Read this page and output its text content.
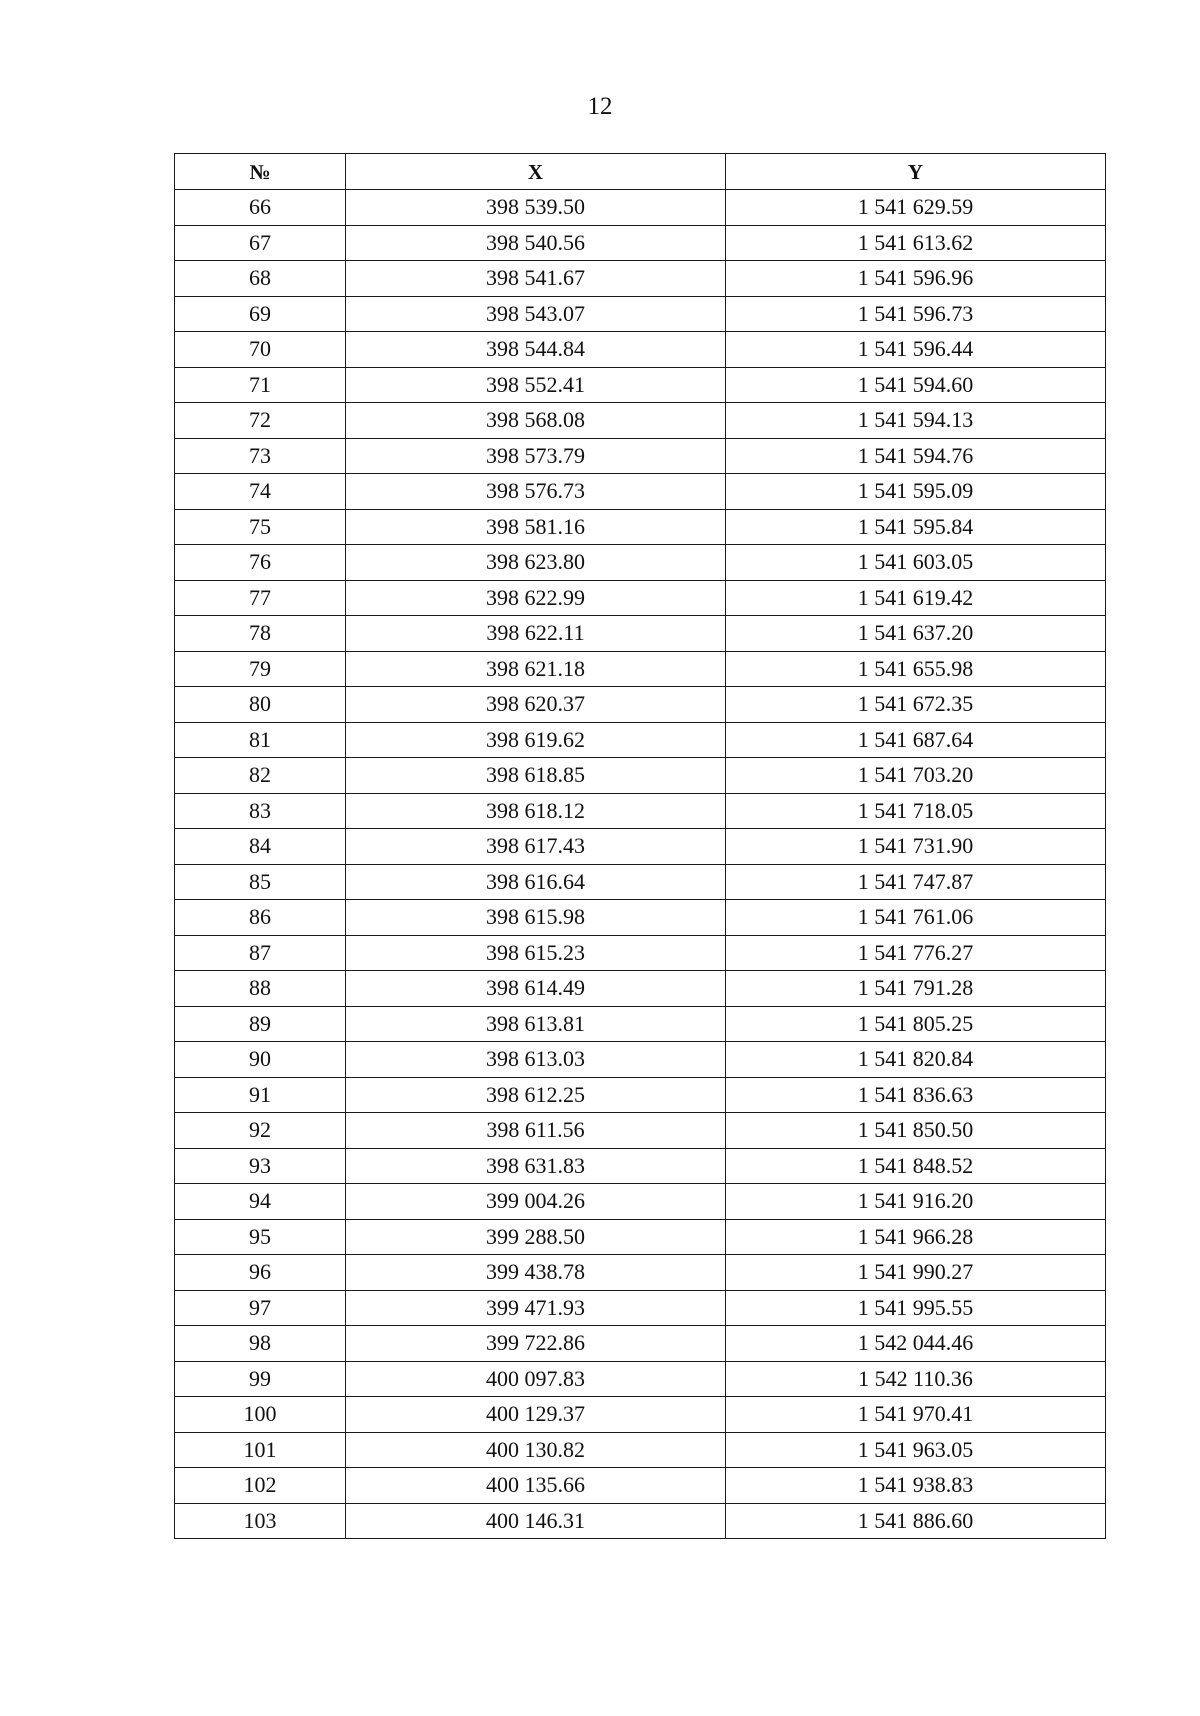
12
№	X	Y
66	398 539.50	1 541 629.59
67	398 540.56	1 541 613.62
68	398 541.67	1 541 596.96
69	398 543.07	1 541 596.73
70	398 544.84	1 541 596.44
71	398 552.41	1 541 594.60
72	398 568.08	1 541 594.13
73	398 573.79	1 541 594.76
74	398 576.73	1 541 595.09
75	398 581.16	1 541 595.84
76	398 623.80	1 541 603.05
77	398 622.99	1 541 619.42
78	398 622.11	1 541 637.20
79	398 621.18	1 541 655.98
80	398 620.37	1 541 672.35
81	398 619.62	1 541 687.64
82	398 618.85	1 541 703.20
83	398 618.12	1 541 718.05
84	398 617.43	1 541 731.90
85	398 616.64	1 541 747.87
86	398 615.98	1 541 761.06
87	398 615.23	1 541 776.27
88	398 614.49	1 541 791.28
89	398 613.81	1 541 805.25
90	398 613.03	1 541 820.84
91	398 612.25	1 541 836.63
92	398 611.56	1 541 850.50
93	398 631.83	1 541 848.52
94	399 004.26	1 541 916.20
95	399 288.50	1 541 966.28
96	399 438.78	1 541 990.27
97	399 471.93	1 541 995.55
98	399 722.86	1 542 044.46
99	400 097.83	1 542 110.36
100	400 129.37	1 541 970.41
101	400 130.82	1 541 963.05
102	400 135.66	1 541 938.83
103	400 146.31	1 541 886.60
